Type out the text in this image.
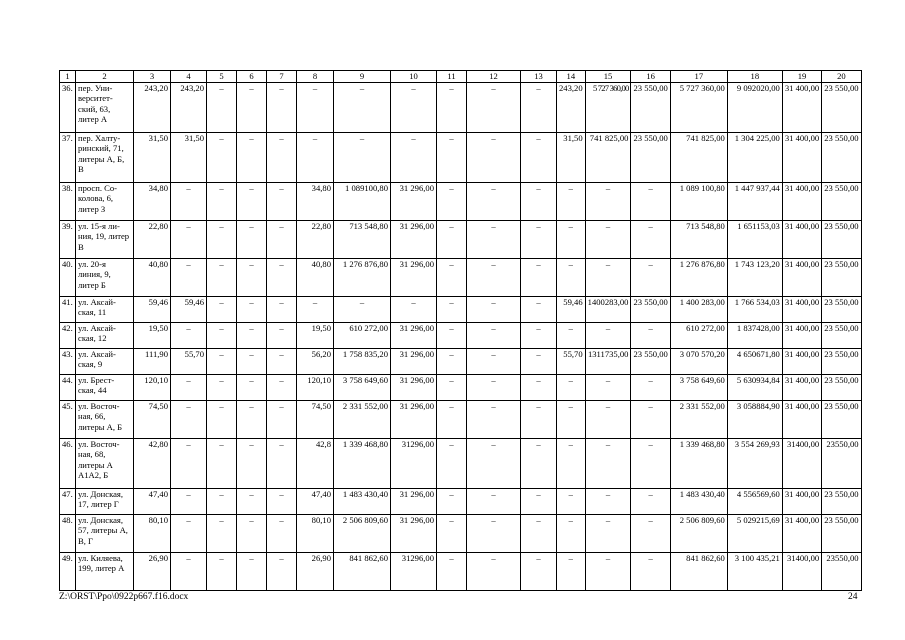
1	2	3	4	5	6	7	8	9	10	11	12	13	14	15	16	17	18	19	20
36.	пер. Уни-верситет-ский, 63, литер А	243,20	243,20	–	–	–	–	–	–	–	–	–	243,20	5 727 360,00	23 550,00	5 727 360,00	9 092020,00	31 400,00	23 550,00
37.	пер. Халту-ринский, 71, литеры А, Б, В	31,50	31,50	–	–	–	–	–	–	–	–	–	31,50	741 825,00	23 550,00	741 825,00	1 304 225,00	31 400,00	23 550,00
38.	просп. Со-колова, 6, литер З	34,80	–	–	–	–	34,80	1 089100,80	31 296,00	–	–	–	–	–	–	1 089 100,80	1 447 937,44	31 400,00	23 550,00
39.	ул. 15-я ли-ния, 19, литер В	22,80	–	–	–	–	22,80	713 548,80	31 296,00	–	–	–	–	–	–	713 548,80	1 651153,03	31 400,00	23 550,00
40.	ул. 20-я линия, 9, литер Б	40,80	–	–	–	–	40,80	1 276 876,80	31 296,00	–	–	–	–	–	–	1 276 876,80	1 743 123,20	31 400,00	23 550,00
41.	ул. Аксай-ская, 11	59,46	59,46	–	–	–	–	–	–	–	–	–	59,46	1400283,00	23 550,00	1 400 283,00	1 766 534,03	31 400,00	23 550,00
42.	ул. Аксай-ская, 12	19,50	–	–	–	–	19,50	610 272,00	31 296,00	–	–	–	–	–	–	610 272,00	1 837428,00	31 400,00	23 550,00
43.	ул. Аксай-ская, 9	111,90	55,70	–	–	–	56,20	1 758 835,20	31 296,00	–	–	–	55,70	1311735,00	23 550,00	3 070 570,20	4 650671,80	31 400,00	23 550,00
44.	ул. Брест-ская, 44	120,10	–	–	–	–	120,10	3 758 649,60	31 296,00	–	–	–	–	–	–	3 758 649,60	5 630934,84	31 400,00	23 550,00
45.	ул. Восточ-ная, 66, литеры А, Б	74,50	–	–	–	–	74,50	2 331 552,00	31 296,00	–	–	–	–	–	–	2 331 552,00	3 058884,90	31 400,00	23 550,00
46.	ул. Восточ-ная, 68, литеры А А1А2, Б	42,80	–	–	–	–	42,8	1 339 468,80	31296,00	–	–	–	–	–	–	1 339 468,80	3 554 269,93	31400,00	23550,00
47.	ул. Донская, 17, литер Г	47,40	–	–	–	–	47,40	1 483 430,40	31 296,00	–	–	–	–	–	–	1 483 430,40	4 556569,60	31 400,00	23 550,00
48.	ул. Донская, 57, литеры А, В, Г	80,10	–	–	–	–	80,10	2 506 809,60	31 296,00	–	–	–	–	–	–	2 506 809,60	5 029215,69	31 400,00	23 550,00
49.	ул. Киляева, 199, литер А	26,90	–	–	–	–	26,90	841 862,60	31296,00	–	–	–	–	–	–	841 862,60	3 100 435,21	31400,00	23550,00
Z:\ORST\Ppo\0922p667.f16.docx	24
